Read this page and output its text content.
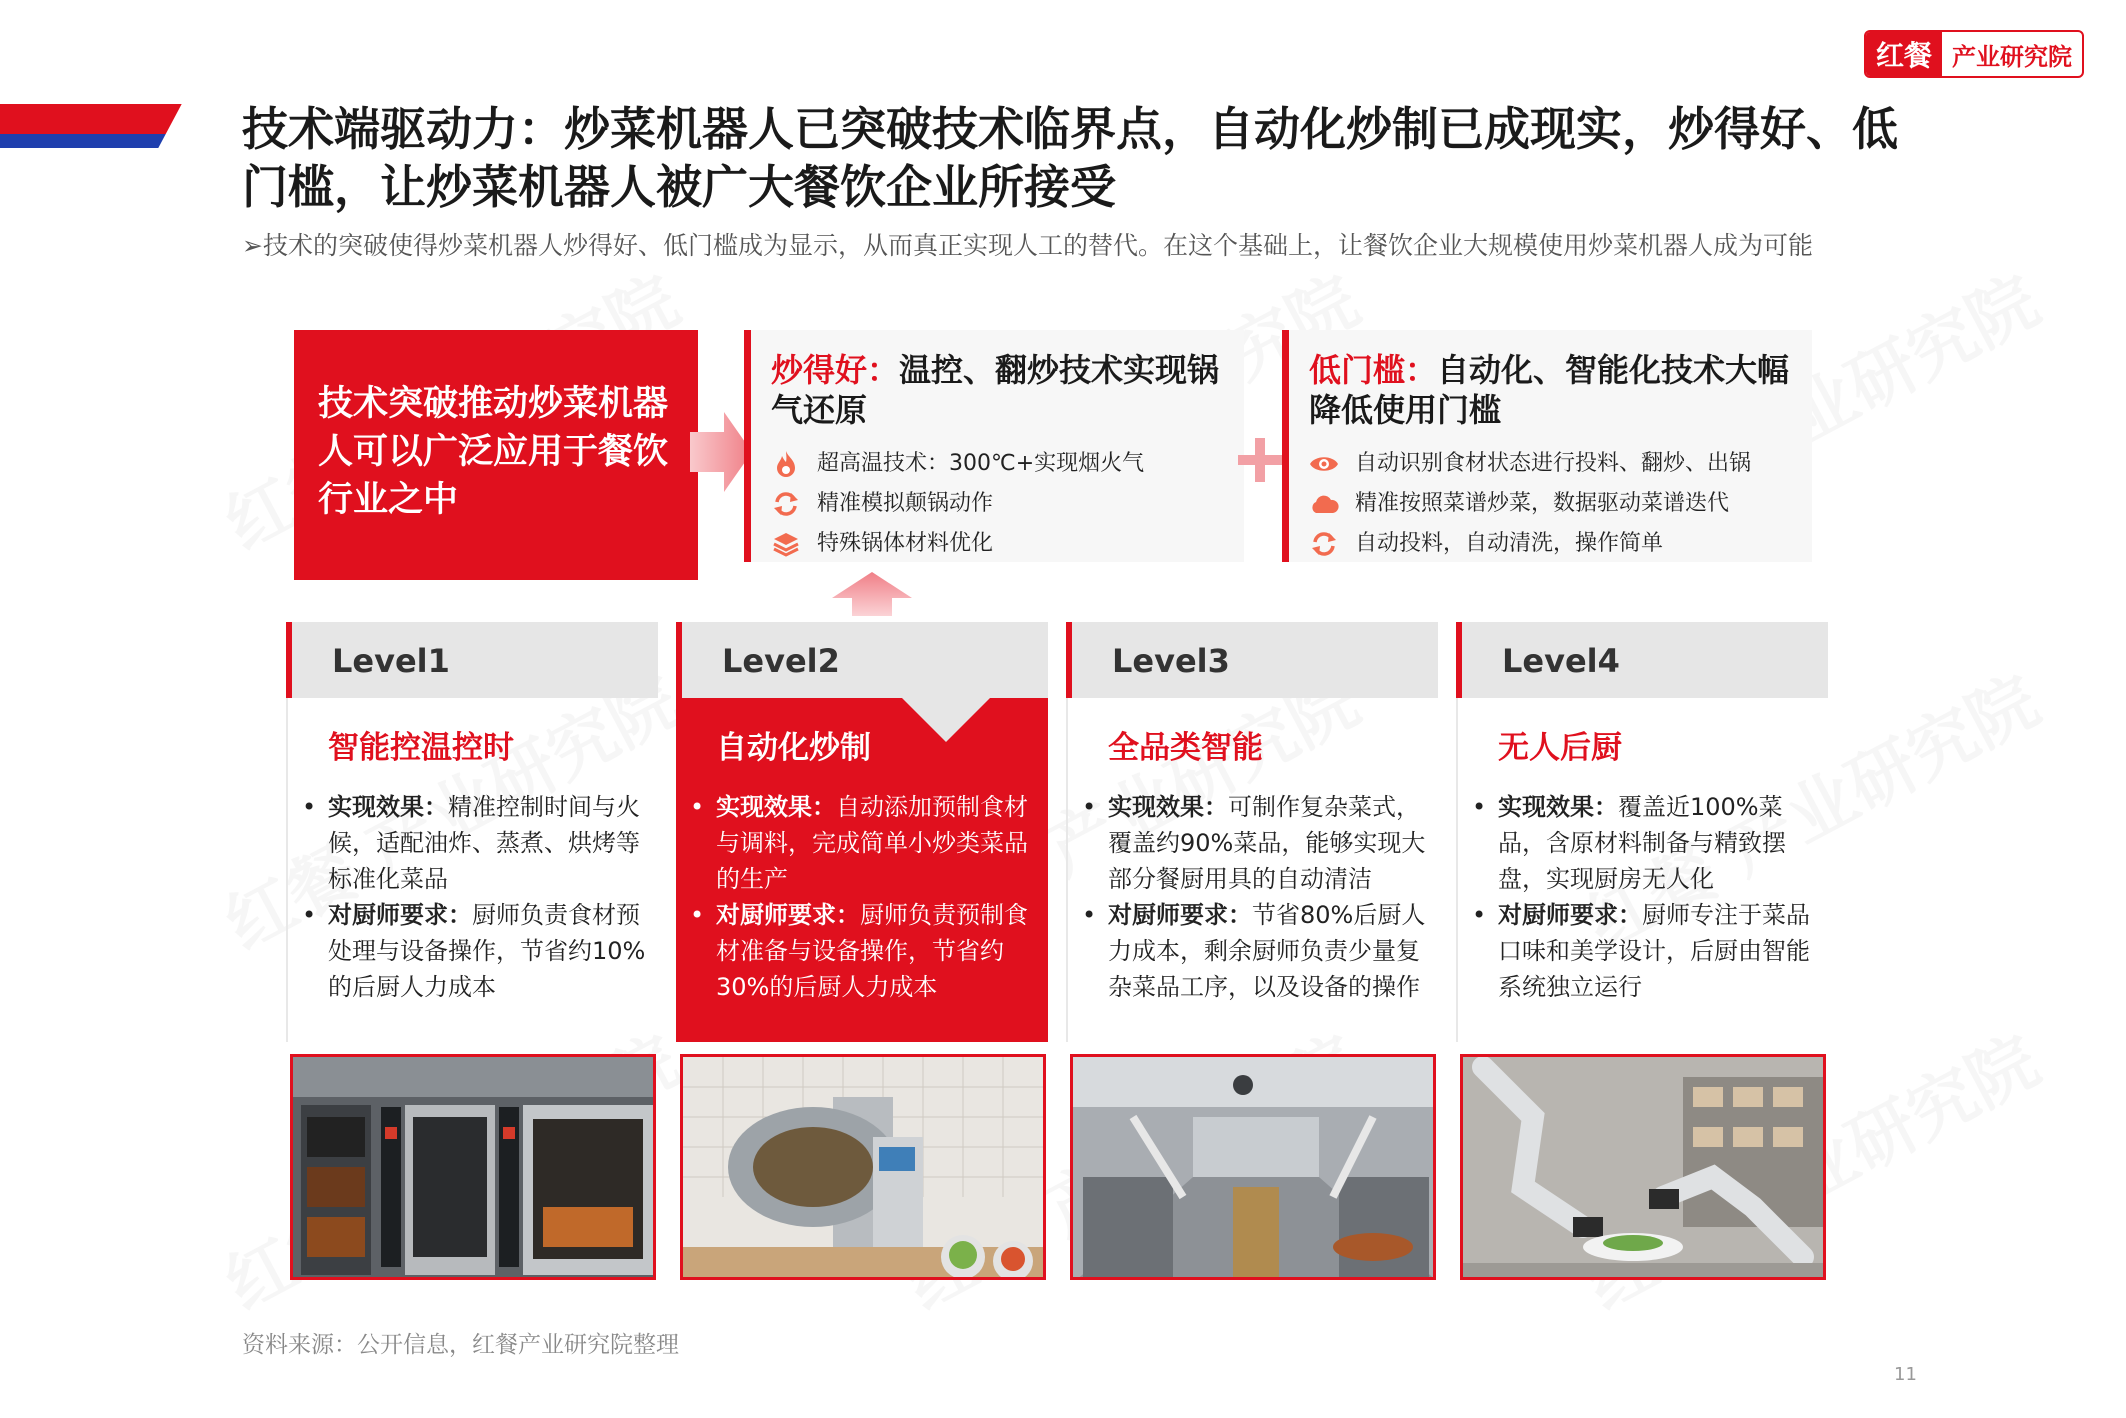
红餐 产业研究院
技术端驱动力：炒菜机器人已突破技术临界点，自动化炒制已成现实，炒得好、低门槛，让炒菜机器人被广大餐饮企业所接受
➢技术的突破使得炒菜机器人炒得好、低门槛成为显示，从而真正实现人工的替代。在这个基础上，让餐饮企业大规模使用炒菜机器人成为可能
技术突破推动炒菜机器人可以广泛应用于餐饮行业之中
炒得好：温控、翻炒技术实现锅气还原
超高温技术：300℃+实现烟火气
精准模拟颠锅动作
特殊锅体材料优化
低门槛：自动化、智能化技术大幅降低使用门槛
自动识别食材状态进行投料、翻炒、出锅
精准按照菜谱炒菜，数据驱动菜谱迭代
自动投料，自动清洗，操作简单
Level1
智能控温控时
• 实现效果：精准控制时间与火候，适配油炸、蒸煮、烘烤等标准化菜品
• 对厨师要求：厨师负责食材预处理与设备操作，节省约10%的后厨人力成本
Level2
自动化炒制
• 实现效果：自动添加预制食材与调料，完成简单小炒类菜品的生产
• 对厨师要求：厨师负责预制食材准备与设备操作，节省约30%的后厨人力成本
Level3
全品类智能
• 实现效果：可制作复杂菜式，覆盖约90%菜品，能够实现大部分餐厨用具的自动清洁
• 对厨师要求：节省80%后厨人力成本，剩余厨师负责少量复杂菜品工序，以及设备的操作
Level4
无人后厨
• 实现效果：覆盖近100%菜品，含原材料制备与精致摆盘，实现厨房无人化
• 对厨师要求：厨师专注于菜品口味和美学设计，后厨由智能系统独立运行
资料来源：公开信息，红餐产业研究院整理
11
